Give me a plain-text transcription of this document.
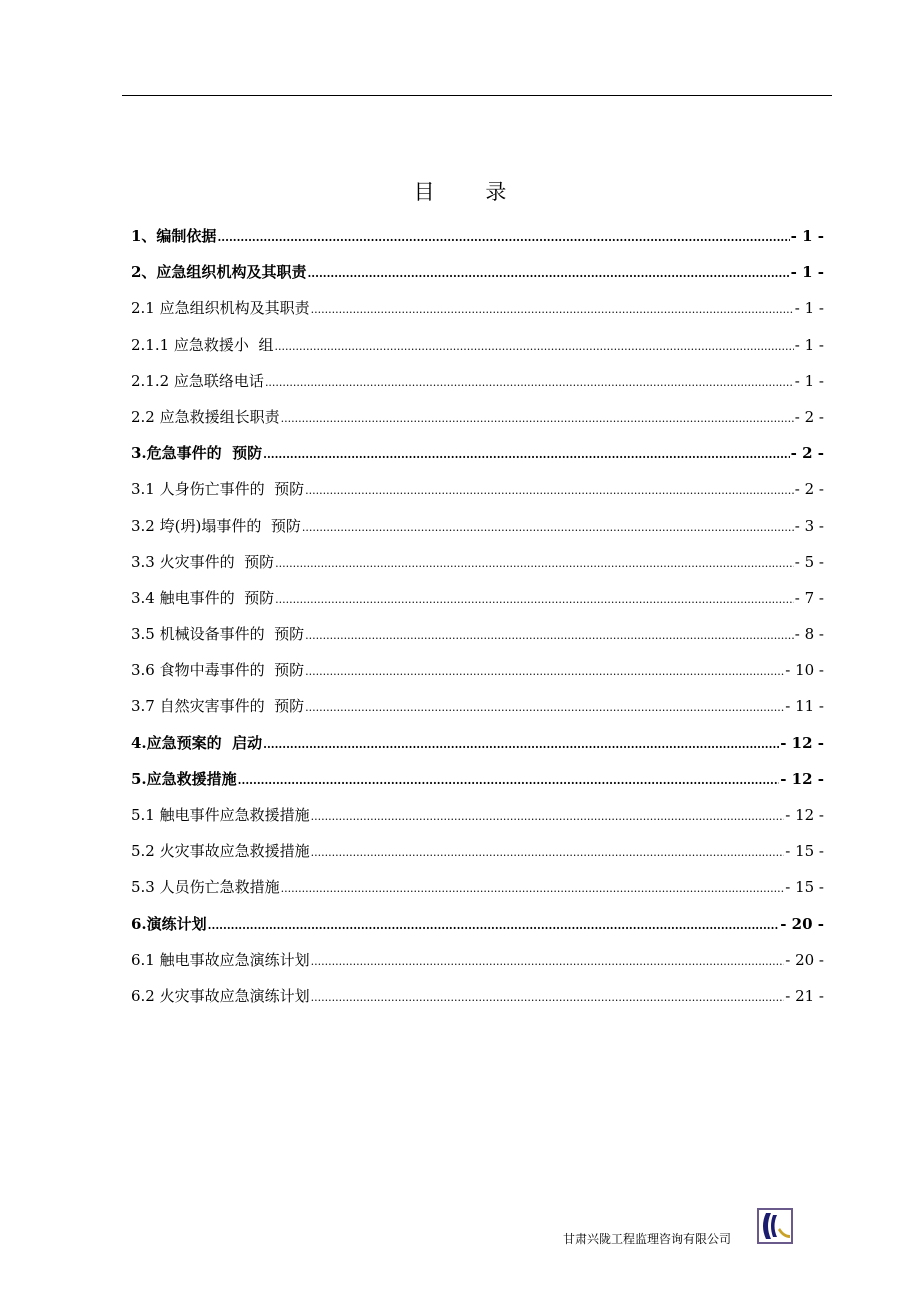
目 录
1、编制依据 .....	- 1 -
2、应急组织机构及其职责 .....	- 1 -
2.1 应急组织机构及其职责 .....	- 1 -
2.1.1 应急救援小  组 .....	- 1 -
2.1.2 应急联络电话 .....	- 1 -
2.2 应急救援组长职责 .....	- 2 -
3.危急事件的  预防 .....	- 2 -
3.1 人身伤亡事件的  预防 .....	- 2 -
3.2 垮(坍)塌事件的  预防 .....	- 3 -
3.3 火灾事件的  预防 .....	- 5 -
3.4 触电事件的  预防 .....	- 7 -
3.5 机械设备事件的  预防 .....	- 8 -
3.6 食物中毒事件的  预防 .....	- 10 -
3.7 自然灾害事件的  预防 .....	- 11 -
4.应急预案的  启动 .....	- 12 -
5.应急救援措施 .....	- 12 -
5.1 触电事件应急救援措施 .....	- 12 -
5.2 火灾事故应急救援措施 .....	- 15 -
5.3 人员伤亡急救措施 .....	- 15 -
6.演练计划 .....	- 20 -
6.1 触电事故应急演练计划 .....	- 20 -
6.2 火灾事故应急演练计划 .....	- 21 -
甘肃兴陇工程监理咨询有限公司
